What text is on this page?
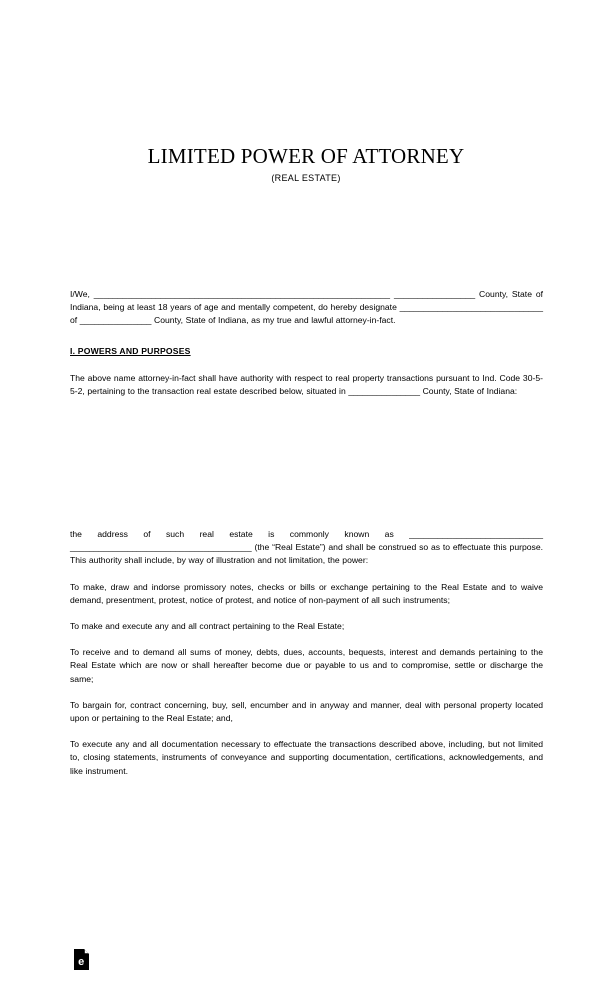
LIMITED POWER OF ATTORNEY

(REAL ESTATE)

I/We, ______________________________________________________________ _________________ County, State of Indiana, being at least 18 years of age and mentally competent, do hereby designate ______________________________ of _______________ County, State of Indiana, as my true and lawful attorney-in-fact.

I. POWERS AND PURPOSES

The above name attorney-in-fact shall have authority with respect to real property transactions pursuant to Ind. Code 30-5-5-2, pertaining to the transaction real estate described below, situated in _______________ County, State of Indiana:

the address of such real estate is commonly known as ____________________________ ______________________________________ (the “Real Estate”) and shall be construed so as to effectuate this purpose. This authority shall include, by way of illustration and not limitation, the power:

To make, draw and indorse promissory notes, checks or bills or exchange pertaining to the Real Estate and to waive demand, presentment, protest, notice of protest, and notice of non-payment of all such instruments;

To make and execute any and all contract pertaining to the Real Estate;

To receive and to demand all sums of money, debts, dues, accounts, bequests, interest and demands pertaining to the Real Estate which are now or shall hereafter become due or payable to us and to compromise, settle or discharge the same;

To bargain for, contract concerning, buy, sell, encumber and in anyway and manner, deal with personal property located upon or pertaining to the Real Estate; and,

To execute any and all documentation necessary to effectuate the transactions described above, including, but not limited to, closing statements, instruments of conveyance and supporting documentation, certifications, acknowledgements, and like instrument.

e
